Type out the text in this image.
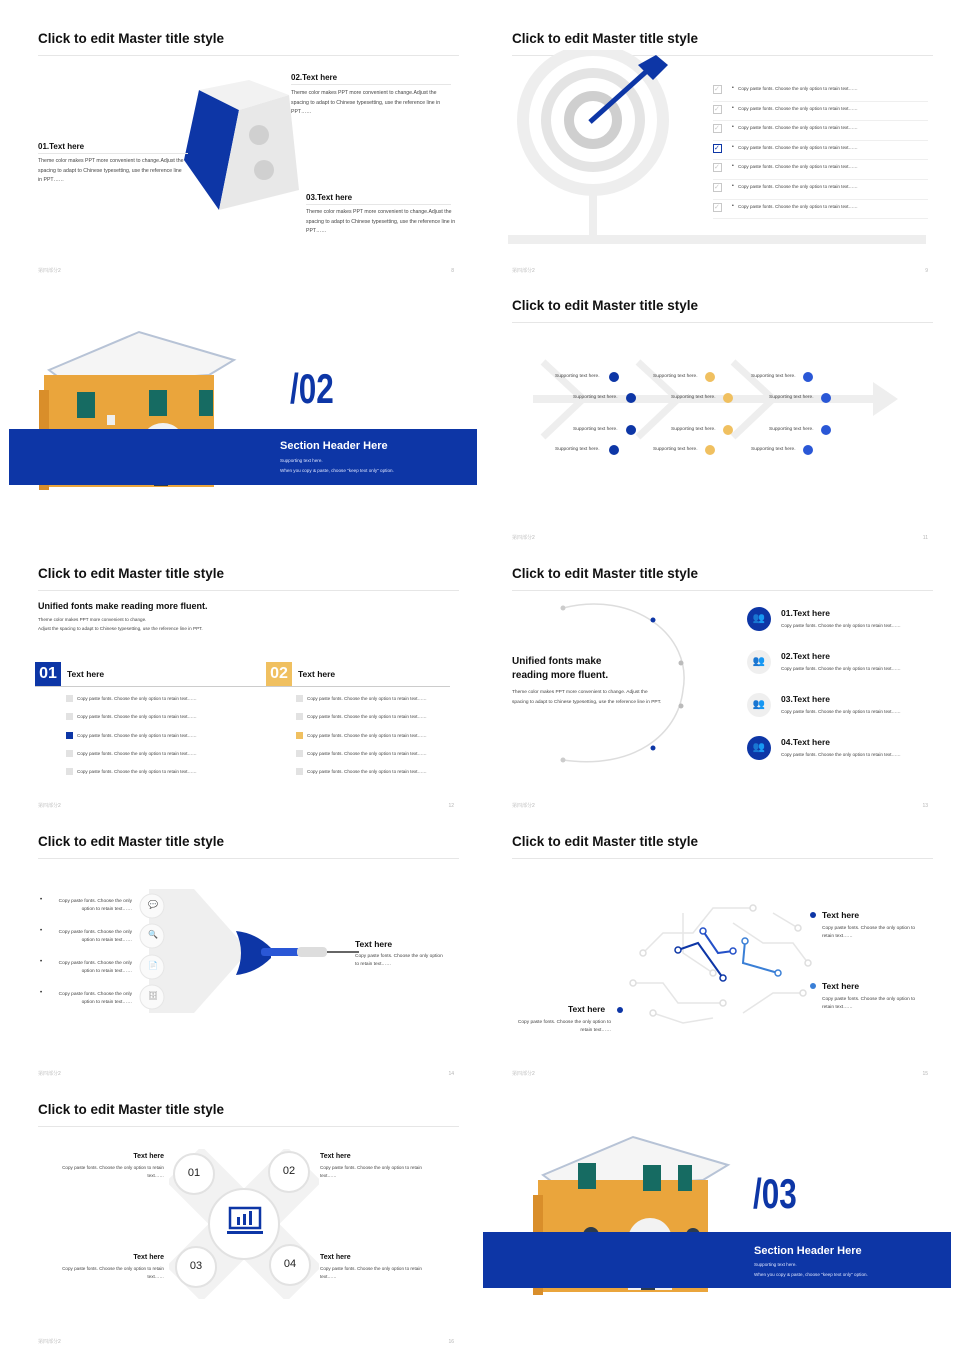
Click to edit Master title style
02.Text here
Theme color makes PPT more convenient to change.Adjust the spacing to adapt to Chinese typesetting, use the reference line in PPT……
01.Text here
Theme color makes PPT more convenient to change.Adjust the spacing to adapt to Chinese typesetting, use the reference line in PPT……
03.Text here
Theme color makes PPT more convenient to change.Adjust the spacing to adapt to Chinese typesetting, use the reference line in PPT……
第四部分2	8
Click to edit Master title style
✓	• Copy paste fonts. Choose the only option to retain text……
✓	• Copy paste fonts. Choose the only option to retain text……
✓	• Copy paste fonts. Choose the only option to retain text……
✓	• Copy paste fonts. Choose the only option to retain text……
✓	• Copy paste fonts. Choose the only option to retain text……
✓	• Copy paste fonts. Choose the only option to retain text……
✓	• Copy paste fonts. Choose the only option to retain text……
第四部分2	9
/02
Section Header Here
Supporting text here.
When you copy & paste, choose "keep text only" option.
Click to edit Master title style
Supporting text here.
Supporting text here.
Supporting text here.
Supporting text here.
Supporting text here.
Supporting text here.
Supporting text here.
Supporting text here.
Supporting text here.
Supporting text here.
Supporting text here.
Supporting text here.
第四部分2	11
Click to edit Master title style
Unified fonts make reading more fluent.
Theme color makes PPT more convenient to change.
Adjust the spacing to adapt to Chinese typesetting, use the reference line in PPT.
01	Text here	02	Text here
Copy paste fonts. Choose the only option to retain text……
Copy paste fonts. Choose the only option to retain text……
Copy paste fonts. Choose the only option to retain text……
Copy paste fonts. Choose the only option to retain text……
Copy paste fonts. Choose the only option to retain text……
Copy paste fonts. Choose the only option to retain text……
Copy paste fonts. Choose the only option to retain text……
Copy paste fonts. Choose the only option to retain text……
Copy paste fonts. Choose the only option to retain text……
Copy paste fonts. Choose the only option to retain text……
第四部分2	12
Click to edit Master title style
Unified fonts make
reading more fluent.
Theme color makes PPT more convenient to change. Adjust the spacing to adapt to Chinese typesetting, use the reference line in PPT.
👥	01.Text here
Copy paste fonts. Choose the only option to retain text……
👥	02.Text here
Copy paste fonts. Choose the only option to retain text……
👥	03.Text here
Copy paste fonts. Choose the only option to retain text……
👥	04.Text here
Copy paste fonts. Choose the only option to retain text……
第四部分2	13
Click to edit Master title style
💬
🔍
📄
🗄
•	Copy paste fonts. Choose the only option to retain text……
•	Copy paste fonts. Choose the only option to retain text……
•	Copy paste fonts. Choose the only option to retain text……
•	Copy paste fonts. Choose the only option to retain text……
Text here
Copy paste fonts. Choose the only option to retain text……
第四部分2	14
Click to edit Master title style
Text here
Copy paste fonts. Choose the only option to retain text……
Text here
Copy paste fonts. Choose the only option to retain text……
Text here
Copy paste fonts. Choose the only option to retain text……
第四部分2	15
Click to edit Master title style
01	02
03	04
Text here
Copy paste fonts. Choose the only option to retain text……
Text here
Copy paste fonts. Choose the only option to retain text……
Text here
Copy paste fonts. Choose the only option to retain text……
Text here
Copy paste fonts. Choose the only option to retain text……
第四部分2	16
/03
Section Header Here
Supporting text here.
When you copy & paste, choose "keep text only" option.
